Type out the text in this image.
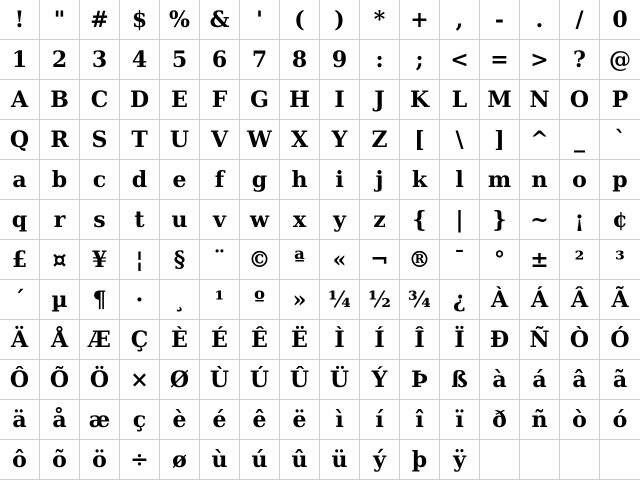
!	"	#	$ % &	'	(	)	*	+	,	-	.	/	0
1	2	3	4	5	6	7	8	9	:	;	< = >	?	@
A	B C D	E	F	G H	I	J	K	L M N O	P
Q R	S	T	U V W X	Y	Z	[	\	]	^	_	`
a	b	c	d	e	f	g	h	i	j	k	l	m n	o	p
q	r	s	t	u	v	w	x	y	z	{	|	}	~	¡	¢
£	¤	¥	¦	§	¨	©	ª	«	¬ ®	¯	°	±	²	³
´	µ	¶	·	¸	¹	º	» ¼ ½ ¾	¿	À	Á	Â	Ã
Ä	Å Æ Ç	È	É	Ê	Ë	Ì	Í	Î	Ï	Ð Ñ Ò Ó
Ô Õ Ö × Ø Ù Ú Û Ü	Ý	Þ	ß	à	á	â	ã
ä	å	æ	ç	è	é	ê	ë	ì	í	î	ï	ð	ñ	ò	ó
ô	õ	ö	÷	ø	ù	ú	û	ü	ý	þ	ÿ
